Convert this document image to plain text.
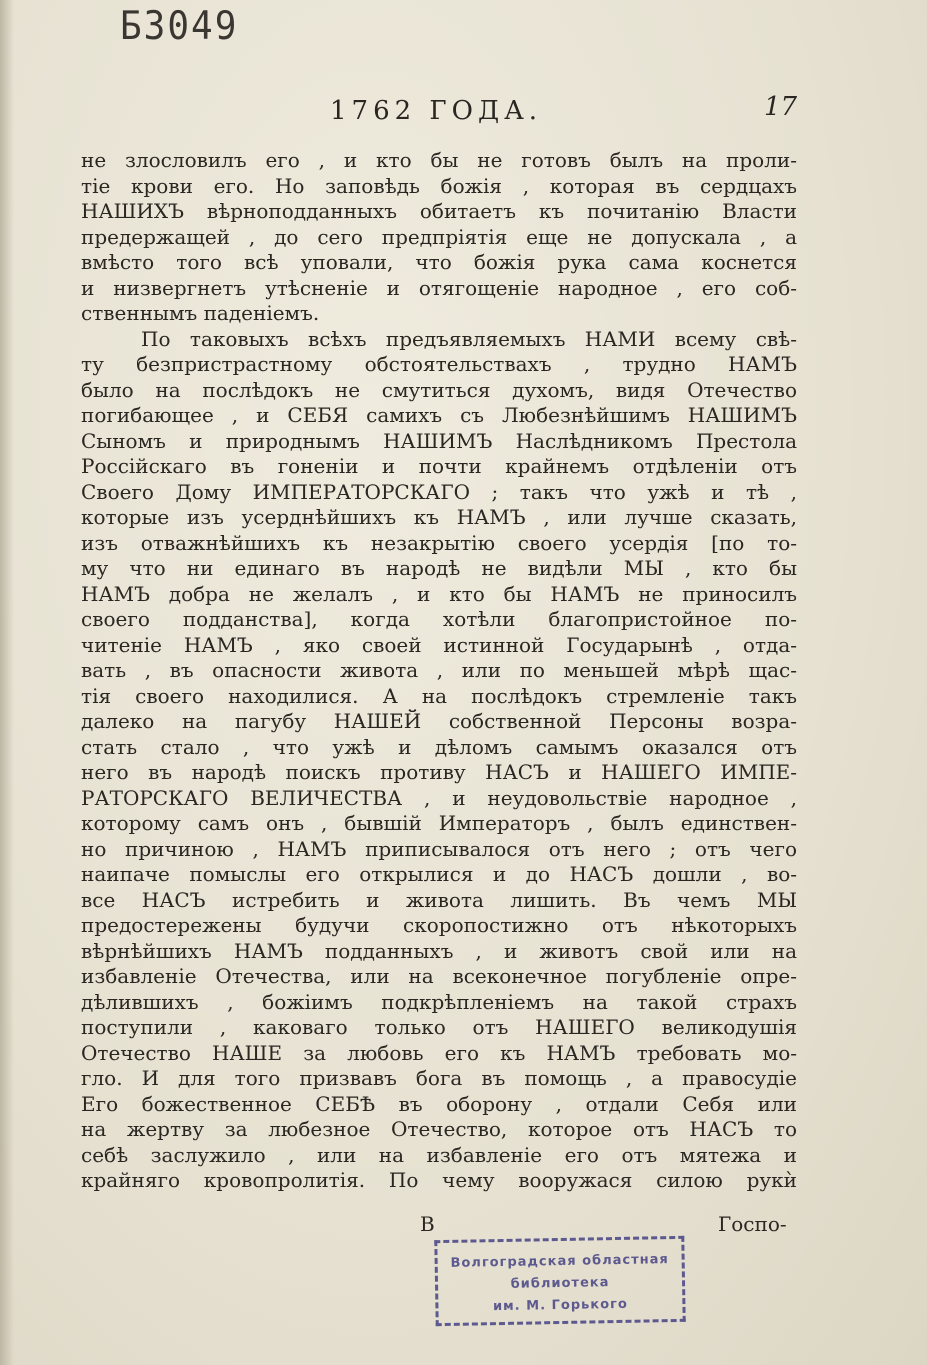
Б3049
1762 ГОДА.	17
не злословилъ его , и кто бы не готовъ былъ на проли-
тіе крови его. Но заповѣдь божія , которая въ сердцахъ
НАШИХЪ вѣрноподданныхъ обитаетъ къ почитанію Власти
предержащей , до сего предпріятія еще не допускала , а
вмѣсто того всѣ уповали, что божія рука сама коснется
и низвергнетъ утѣсненіе и отягощеніе народное , его соб-
ственнымъ паденіемъ.
По таковыхъ всѣхъ предъявляемыхъ НАМИ всему свѣ-
ту безпристрастному обстоятельствахъ , трудно НАМЪ
было на послѣдокъ не смутиться духомъ, видя Отечество
погибающее , и СЕБЯ самихъ съ Любезнѣйшимъ НАШИМЪ
Сыномъ и природнымъ НАШИМЪ Наслѣдникомъ Престола
Россійскаго въ гоненіи и почти крайнемъ отдѣленіи отъ
Своего Дому ИМПЕРАТОРСКАГО ; такъ что ужѣ и тѣ ,
которые изъ усерднѣйшихъ къ НАМЪ , или лучше сказать,
изъ отважнѣйшихъ къ незакрытію своего усердія [по то-
му что ни единаго въ народѣ не видѣли МЫ , кто бы
НАМЪ добра не желалъ , и кто бы НАМЪ не приносилъ
своего подданства], когда хотѣли благопристойное по-
читеніе НАМЪ , яко своей истинной Государынѣ , отда-
вать , въ опасности живота , или по меньшей мѣрѣ щас-
тія своего находилися. А на послѣдокъ стремленіе такъ
далеко на пагубу НАШЕЙ собственной Персоны возра-
стать стало , что ужѣ и дѣломъ самымъ оказался отъ
него въ народѣ поискъ противу НАСЪ и НАШЕГО ИМПЕ-
РАТОРСКАГО ВЕЛИЧЕСТВА , и неудовольствіе народное ,
которому самъ онъ , бывшій Императоръ , былъ единствен-
но причиною , НАМЪ приписывалося отъ него ; отъ чего
наипаче помыслы его открылися и до НАСЪ дошли , во-
все НАСЪ истребить и живота лишить. Въ чемъ МЫ
предостережены будучи скоропостижно отъ нѣкоторыхъ
вѣрнѣйшихъ НАМЪ подданныхъ , и животъ свой или на
избавленіе Отечества, или на всеконечное погубленіе опре-
дѣлившихъ , божіимъ подкрѣпленіемъ на такой страхъ
поступили , каковаго только отъ НАШЕГО великодушія
Отечество НАШЕ за любовь его къ НАМЪ требовать мо-
гло. И для того призвавъ бога въ помощь , а правосудіе
Его божественное СЕБѢ въ оборону , отдали Себя или
на жертву за любезное Отечество, которое отъ НАСЪ то
себѣ заслужило , или на избавленіе его отъ мятежа и
крайняго кровопролитія. По чему вооружася силою рукѝ
В	Госпо-
Волгоградская областная
библиотека
им. М. Горького
